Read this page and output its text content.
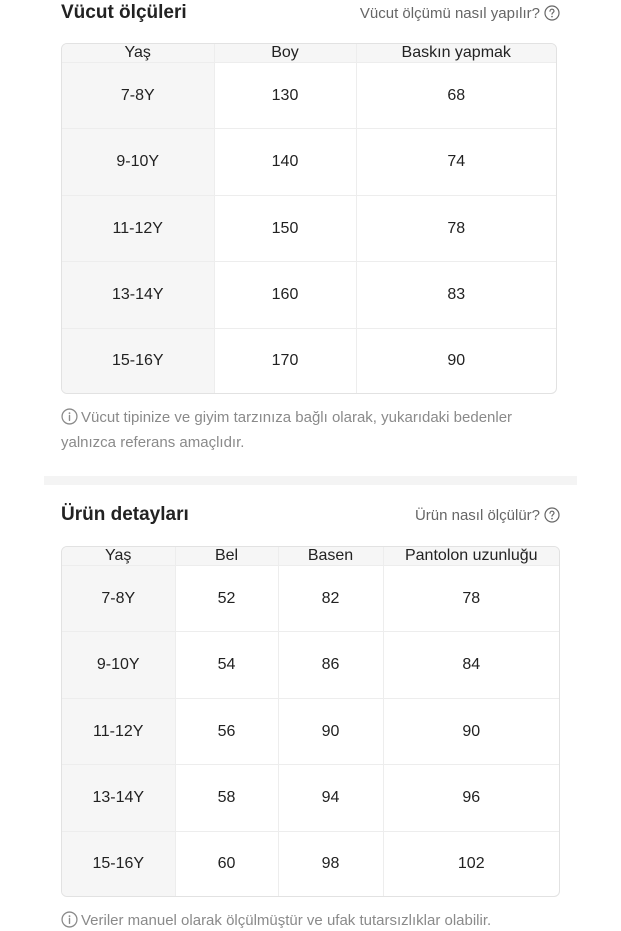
Vücut ölçüleri	Vücut ölçümü nasıl yapılır?
Yaş	Boy	Baskın yapmak
7-8Y	130	68
9-10Y	140	74
11-12Y	150	78
13-14Y	160	83
15-16Y	170	90
Vücut tipinize ve giyim tarzınıza bağlı olarak, yukarıdaki bedenler yalnızca referans amaçlıdır.
Ürün detayları	Ürün nasıl ölçülür?
Yaş	Bel	Basen	Pantolon uzunluğu
7-8Y	52	82	78
9-10Y	54	86	84
11-12Y	56	90	90
13-14Y	58	94	96
15-16Y	60	98	102
Veriler manuel olarak ölçülmüştür ve ufak tutarsızlıklar olabilir.
